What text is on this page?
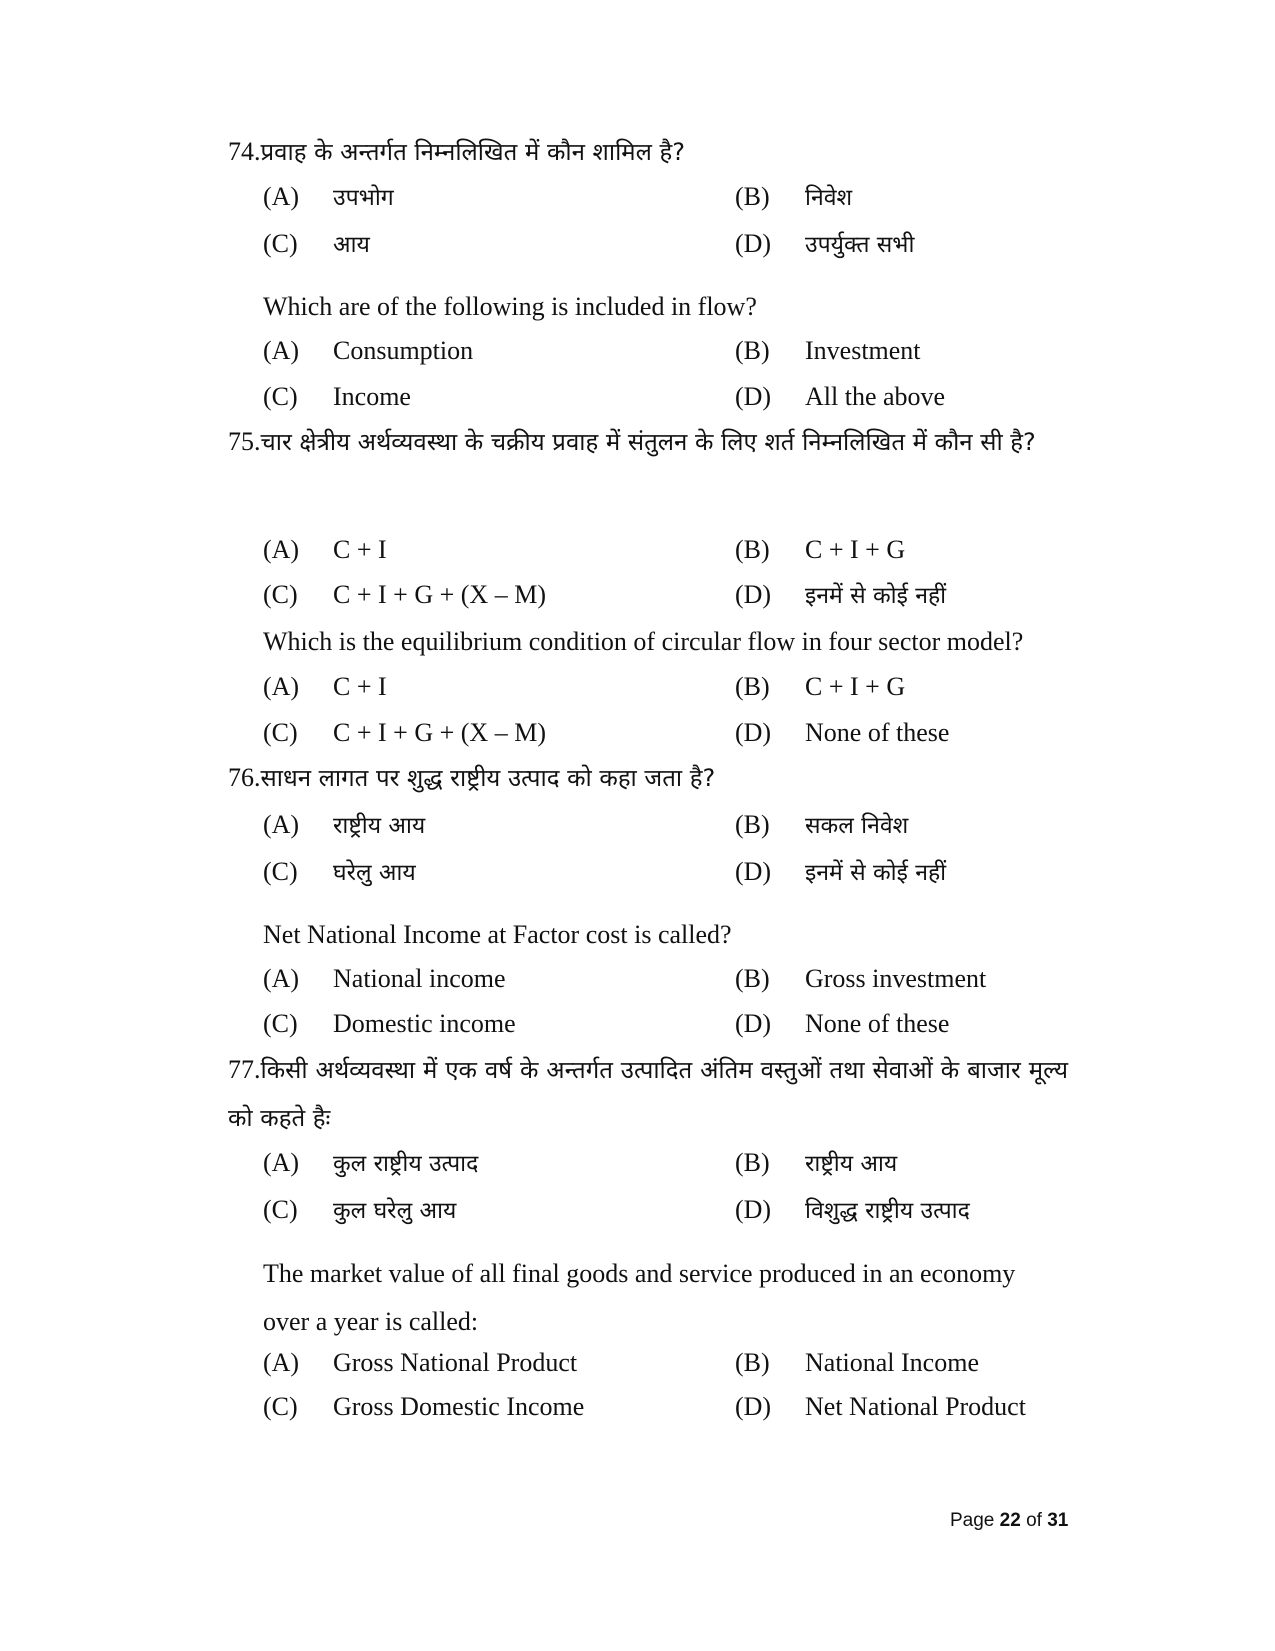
74.प्रवाह के अन्तर्गत निम्नलिखित में कौन शामिल है?
(A) उपभोग	(B) निवेश
(C) आय	(D) उपर्युक्त सभी
Which are of the following is included in flow?
(A) Consumption	(B) Investment
(C) Income	(D) All the above
75.चार क्षेत्रीय अर्थव्यवस्था के चक्रीय प्रवाह में संतुलन के लिए शर्त निम्नलिखित में कौन सी है?
(A) C + I	(B) C + I + G
(C) C + I + G + (X – M)	(D) इनमें से कोई नहीं
Which is the equilibrium condition of circular flow in four sector model?
(A) C + I	(B) C + I + G
(C) C + I + G + (X – M)	(D) None of these
76.साधन लागत पर शुद्ध राष्ट्रीय उत्पाद को कहा जता है?
(A) राष्ट्रीय आय	(B) सकल निवेश
(C) घरेलु आय	(D) इनमें से कोई नहीं
Net National Income at Factor cost is called?
(A) National income	(B) Gross investment
(C) Domestic income	(D) None of these
77.किसी अर्थव्यवस्था में एक वर्ष के अन्तर्गत उत्पादित अंतिम वस्तुओं तथा सेवाओं के बाजार मूल्य को कहते हैः
(A) कुल राष्ट्रीय उत्पाद	(B) राष्ट्रीय आय
(C) कुल घरेलु आय	(D) विशुद्ध राष्ट्रीय उत्पाद
The market value of all final goods and service produced in an economy over a year is called:
(A) Gross National Product	(B) National Income
(C) Gross Domestic Income	(D) Net National Product
Page 22 of 31
